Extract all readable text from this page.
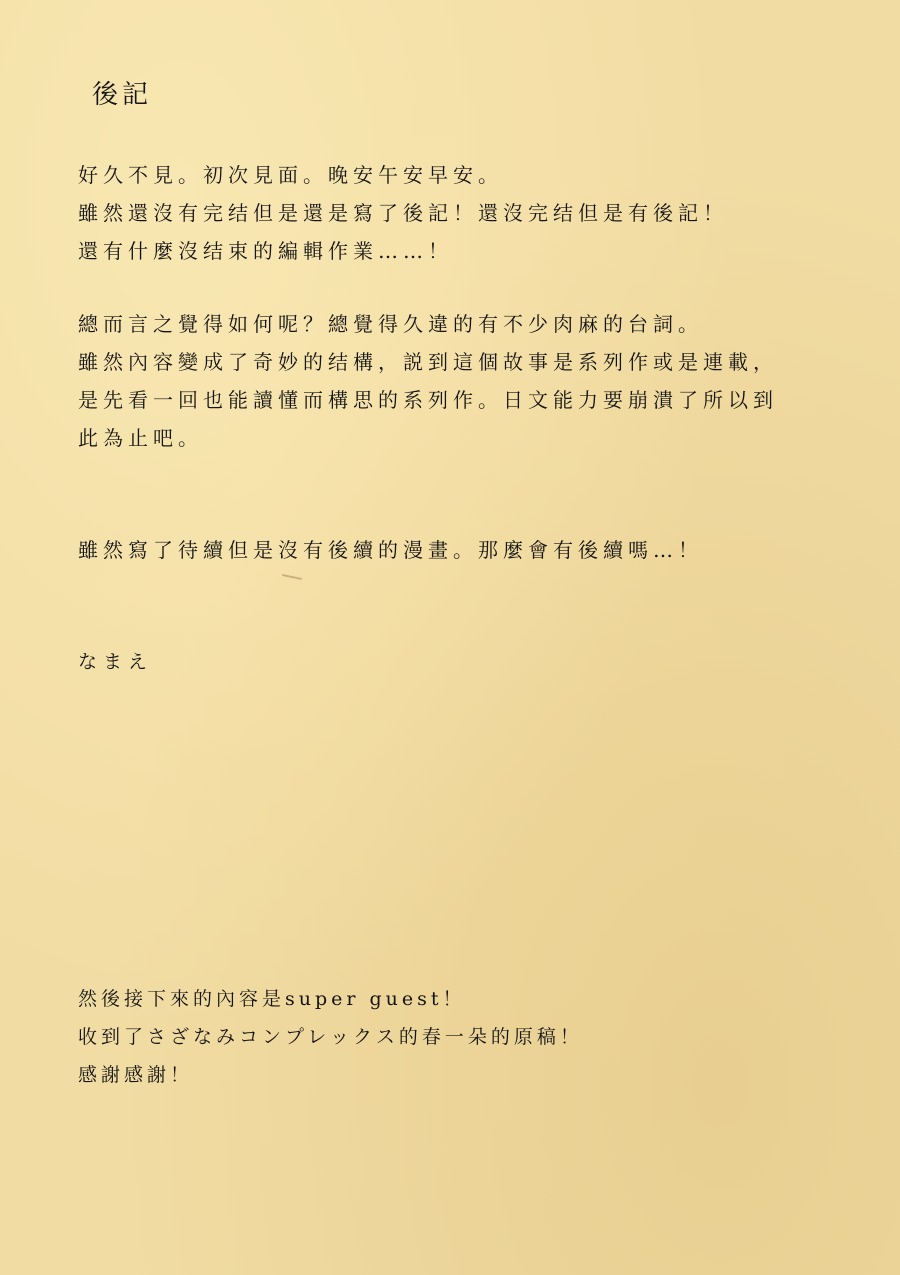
後記
好久不見。初次見面。晚安午安早安。
雖然還沒有完结但是還是寫了後記！還沒完结但是有後記！
還有什麼沒结束的編輯作業……！
總而言之覺得如何呢？總覺得久違的有不少肉麻的台詞。
雖然內容變成了奇妙的结構，説到這個故事是系列作或是連載，
是先看一回也能讀懂而構思的系列作。日文能力要崩潰了所以到
此為止吧。
雖然寫了待續但是沒有後續的漫畫。那麼會有後續嗎…！
なまえ
然後接下來的內容是super guest！
收到了さざなみコンプレックス的春一朵的原稿！
感謝感謝！
